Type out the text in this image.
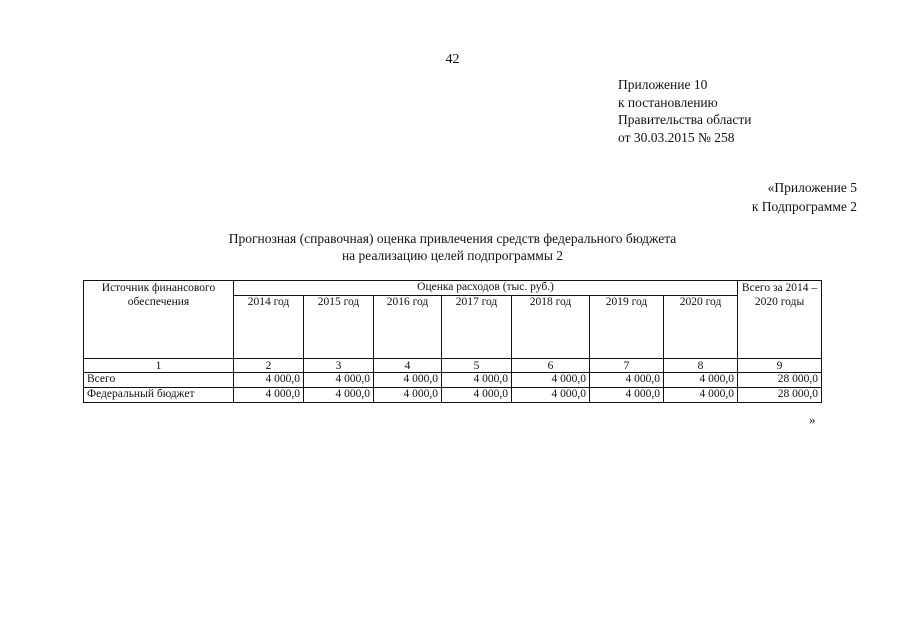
42
Приложение 10
к постановлению
Правительства области
от 30.03.2015 № 258
«Приложение 5
к Подпрограмме 2
Прогнозная (справочная) оценка привлечения средств федерального бюджета
на реализацию целей подпрограммы 2
Источник финансового обеспечения	Оценка расходов (тыс. руб.)							Всего за 2014 – 2020 годы
	2014 год	2015 год	2016 год	2017 год	2018 год	2019 год	2020 год	
1	2	3	4	5	6	7	8	9
Всего	4 000,0	4 000,0	4 000,0	4 000,0	4 000,0	4 000,0	4 000,0	28 000,0
Федеральный бюджет	4 000,0	4 000,0	4 000,0	4 000,0	4 000,0	4 000,0	4 000,0	28 000,0
»
